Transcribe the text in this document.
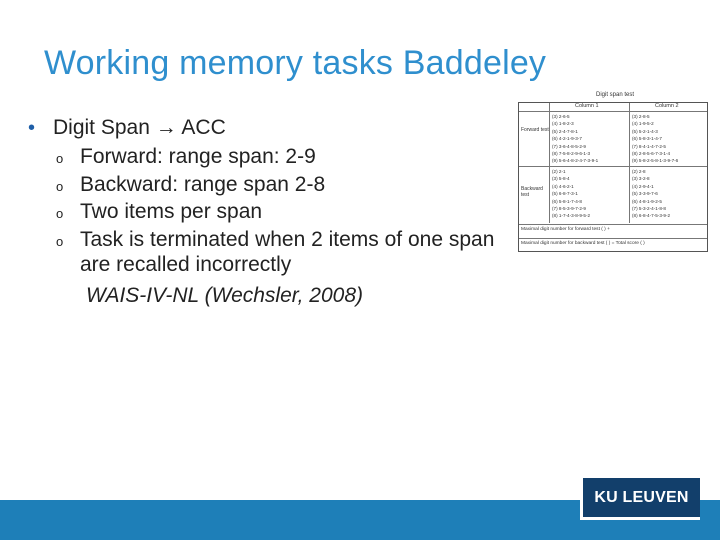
Working memory tasks Baddeley
• Digit Span → ACC
o Forward: range span: 2-9
o Backward: range span 2-8
o Two items per span
o Task is terminated when 2 items of one span are recalled incorrectly
WAIS-IV-NL (Wechsler, 2008)
Digit span test
Column 1	Column 2
Forward test
Backward test
(3) 2-6-5
(4) 1-8-2-3
(5) 2-4-7-8-1
(6) 4-2-1-9-3-7
(7) 3-6-4-8-5-2-9
(8) 7-5-8-2-9-6-1-3
(9) 5-6-4-8-2-4-7-3-9-1
(3) 2-8-5
(4) 1-9-5-2
(5) 5-2-1-4-3
(6) 5-8-3-1-4-7
(7) 8-4-1-4-7-2-5
(8) 2-8-5-6-7-3-1-4
(9) 5-8-2-5-8-1-3-9-7-6
(2) 2-1
(3) 5-8-4
(4) 4-6-2-1
(5) 6-8-7-3-1
(6) 5-8-1-7-4-8
(7) 8-5-3-9-7-2-9
(8) 1-7-4-3-8-9-5-2
(2) 2-8
(3) 3-2-8
(4) 2-9-4-1
(5) 3-3-9-7-6
(6) 4-8-1-9-2-5
(7) 5-3-2-4-1-8-8
(8) 6-8-4-7-5-3-9-2
Maximal digit number for forward test ( ) +
Maximal digit number for backward test ( ) = Total score ( )
KU LEUVEN
